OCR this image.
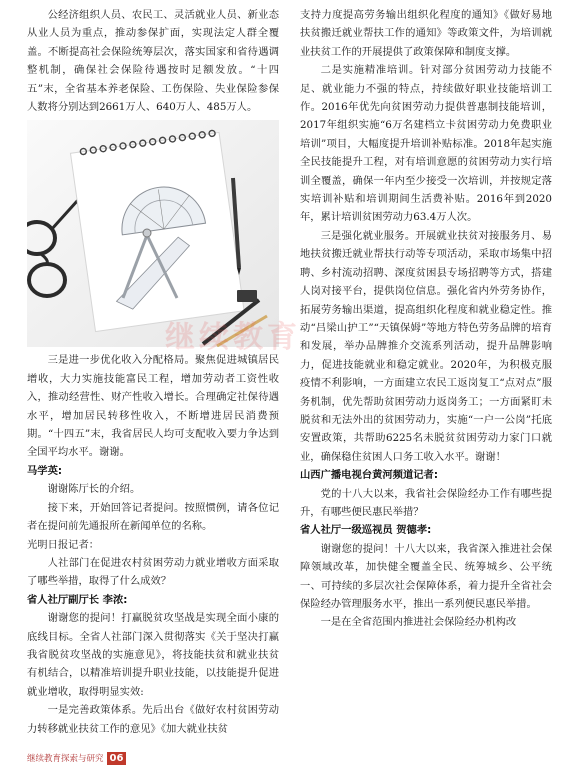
公经济组织人员、农民工、灵活就业人员、新业态从业人员为重点，推动参保扩面，实现法定人群全覆盖。不断提高社会保险统筹层次，落实国家和省待遇调整机制，确保社会保险待遇按时足额发放。“十四五”末，全省基本养老保险、工伤保险、失业保险参保人数将分别达到2661万人、640万人、485万人。

三是进一步优化收入分配格局。聚焦促进城镇居民增收，大力实施技能富民工程，增加劳动者工资性收入，推动经营性、财产性收入增长。合理确定社保待遇水平，增加居民转移性收入，不断增进居民消费预期。“十四五”末，我省居民人均可支配收入要力争达到全国平均水平。谢谢。

马学英:

谢谢陈厅长的介绍。

接下来，开始回答记者提问。按照惯例，请各位记者在提问前先通报所在新闻单位的名称。

光明日报记者：

人社部门在促进农村贫困劳动力就业增收方面采取了哪些举措，取得了什么成效？

省人社厅副厅长 李浓:

谢谢您的提问！打赢脱贫攻坚战是实现全面小康的底线目标。全省人社部门深入贯彻落实《关于坚决打赢我省脱贫攻坚战的实施意见》，将技能扶贫和就业扶贫有机结合，以精准培训提升职业技能，以技能提升促进就业增收，取得明显实效:

一是完善政策体系。先后出台《做好农村贫困劳动力转移就业扶贫工作的意见》《加大就业扶贫

支持力度提高劳务输出组织化程度的通知》《做好易地扶贫搬迁就业帮扶工作的通知》等政策文件，为培训就业扶贫工作的开展提供了政策保障和制度支撑。

二是实施精准培训。针对部分贫困劳动力技能不足、就业能力不强的特点，持续做好职业技能培训工作。2016年优先向贫困劳动力提供普惠制技能培训，2017年组织实施“6万名建档立卡贫困劳动力免费职业培训”项目，大幅度提升培训补贴标准。2018年起实施全民技能提升工程，对有培训意愿的贫困劳动力实行培训全覆盖，确保一年内至少接受一次培训，并按规定落实培训补贴和培训期间生活费补贴。2016年到2020年，累计培训贫困劳动力63.4万人次。

三是强化就业服务。开展就业扶贫对接服务月、易地扶贫搬迁就业帮扶行动等专项活动，采取市场集中招聘、乡村流动招聘、深度贫困县专场招聘等方式，搭建人岗对接平台，提供岗位信息。强化省内外劳务协作，拓展劳务输出渠道，提高组织化程度和就业稳定性。推动“吕梁山护工”“天镇保姆”等地方特色劳务品牌的培育和发展，举办品牌推介交流系列活动，提升品牌影响力，促进技能就业和稳定就业。2020年，为积极克服疫情不利影响，一方面建立农民工返岗复工“点对点”服务机制，优先帮助贫困劳动力返岗务工；一方面紧盯未脱贫和无法外出的贫困劳动力，实施“一户一公岗”托底安置政策，共帮助6225名未脱贫贫困劳动力家门口就业，确保稳住贫困人口务工收入水平。谢谢！

山西广播电视台黄河频道记者:

党的十八大以来，我省社会保险经办工作有哪些提升，有哪些便民惠民举措？

省人社厅一级巡视员 贺德孝:

谢谢您的提问！十八大以来，我省深入推进社会保障领域改革，加快健全覆盖全民、统筹城乡、公平统一、可持续的多层次社会保障体系，着力提升全省社会保险经办管理服务水平，推出一系列便民惠民举措。

一是在全省范围内推进社会保险经办机构改

继续教育
继续教育探索与研究 06
